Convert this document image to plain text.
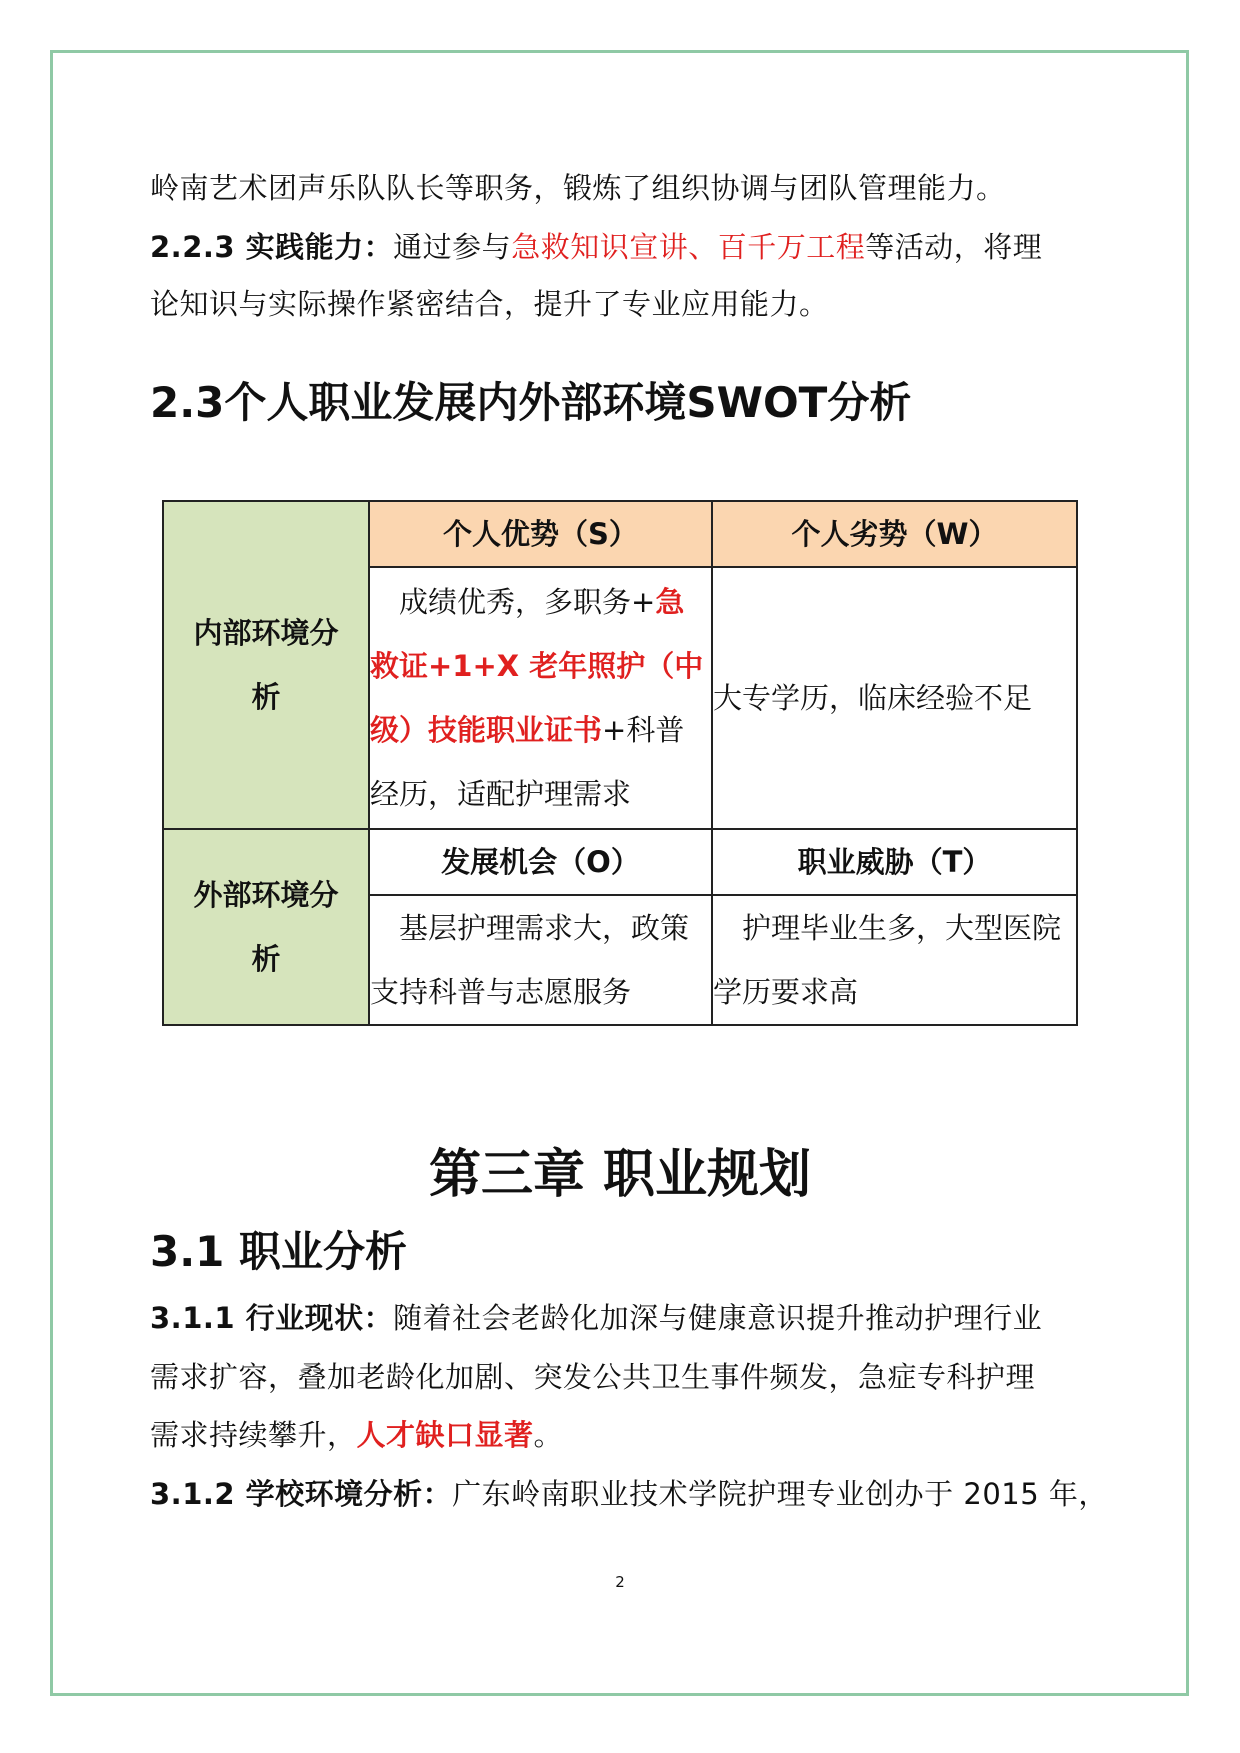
岭南艺术团声乐队队长等职务，锻炼了组织协调与团队管理能力。

2.2.3 实践能力：通过参与急救知识宣讲、百千万工程等活动，将理

论知识与实际操作紧密结合，提升了专业应用能力。

2.3个人职业发展内外部环境SWOT分析
内部环境分析	个人优势（S）	个人劣势（W）
	成绩优秀，多职务+急救证+1+X 老年照护（中级）技能职业证书+科普经历，适配护理需求	大专学历，临床经验不足

外部环境分析	发展机会（O）	职业威胁（T）
	基层护理需求大，政策支持科普与志愿服务	护理毕业生多，大型医院学历要求高
第三章 职业规划
3.1 职业分析

3.1.1 行业现状：随着社会老龄化加深与健康意识提升推动护理行业

需求扩容，叠加老龄化加剧、突发公共卫生事件频发，急症专科护理

需求持续攀升，人才缺口显著。

3.1.2 学校环境分析：广东岭南职业技术学院护理专业创办于 2015 年，

2
